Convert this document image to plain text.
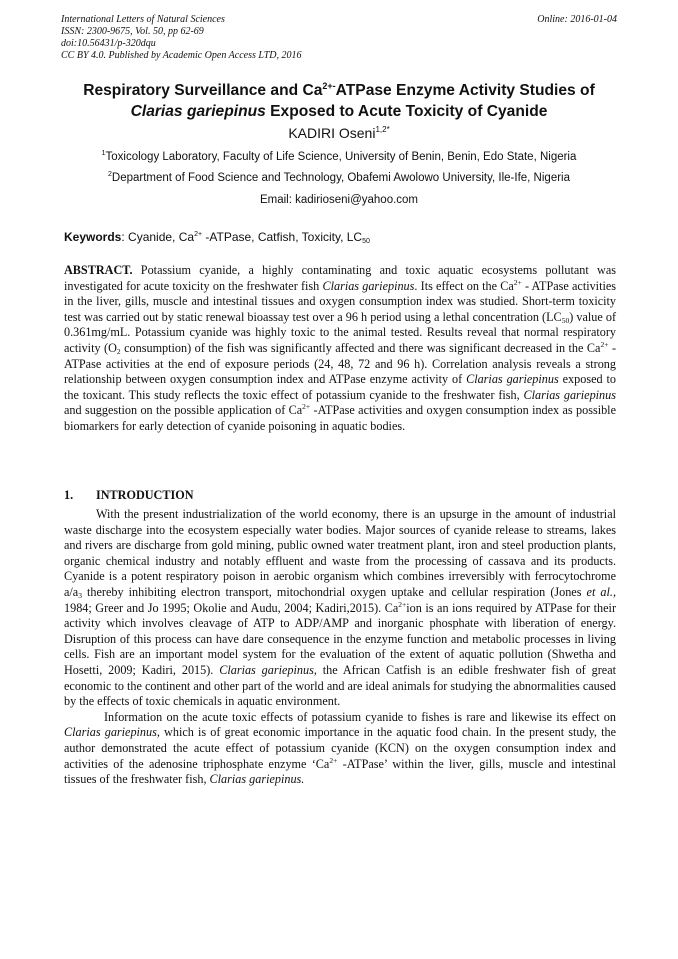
International Letters of Natural Sciences
ISSN: 2300-9675, Vol. 50, pp 62-69
doi:10.56431/p-320dqu
CC BY 4.0. Published by Academic Open Access LTD, 2016
Online: 2016-01-04
Respiratory Surveillance and $Ca^{2+-}ATPase$ Enzyme Activity Studies of
Clarias gariepinus Exposed to Acute Toxicity of Cyanide
KADIRI Oseni$^{1,2*}$
$^1$Toxicology Laboratory, Faculty of Life Science, University of Benin, Benin, Edo State, Nigeria
$^2$Department of Food Science and Technology, Obafemi Awolowo University, Ile-Ife, Nigeria
Email: kadirioseni@yahoo.com
Keywords: Cyanide, $Ca^{2+}$ -ATPase, Catfish, Toxicity, $LC_{50}$

ABSTRACT. Potassium cyanide, a highly contaminating and toxic aquatic ecosystems pollutant was investigated for acute toxicity on the freshwater fish Clarias gariepinus. Its effect on the $Ca^{2+}$ - ATPase activities in the liver, gills, muscle and intestinal tissues and oxygen consumption index was studied. Short-term toxicity test was carried out by static renewal bioassay test over a 96 h period using a lethal concentration $(LC_{50})$ value of 0.361mg/mL. Potassium cyanide was highly toxic to the animal tested. Results reveal that normal respiratory activity ($O_2$ consumption) of the fish was significantly affected and there was significant decreased in the $Ca^{2+}$ - ATPase activities at the end of exposure periods (24, 48, 72 and 96 h). Correlation analysis reveals a strong relationship between oxygen consumption index and ATPase enzyme activity of Clarias gariepinus exposed to the toxicant. This study reflects the toxic effect of potassium cyanide to the freshwater fish, Clarias gariepinus and suggestion on the possible application of $Ca^{2+}$ -ATPase activities and oxygen consumption index as possible biomarkers for early detection of cyanide poisoning in aquatic bodies.

1. INTRODUCTION

With the present industrialization of the world economy, there is an upsurge in the amount of industrial waste discharge into the ecosystem especially water bodies. Major sources of cyanide release to streams, lakes and rivers are discharge from gold mining, public owned water treatment plant, iron and steel production plants, organic chemical industry and notably effluent and waste from the processing of cassava and its products. Cyanide is a potent respiratory poison in aerobic organism which combines irreversibly with ferrocytochrome $a/a_3$ thereby inhibiting electron transport, mitochondrial oxygen uptake and cellular respiration (Jones et al., 1984; Greer and Jo 1995; Okolie and Audu, 2004; Kadiri,2015). $Ca^{2+}ion$ is an ions required by ATPase for their activity which involves cleavage of ATP to ADP/AMP and inorganic phosphate with liberation of energy. Disruption of this process can have dare consequence in the enzyme function and metabolic processes in living cells. Fish are an important model system for the evaluation of the extent of aquatic pollution (Shwetha and Hosetti, 2009; Kadiri, 2015). Clarias gariepinus, the African Catfish is an edible freshwater fish of great economic to the continent and other part of the world and are ideal animals for studying the abnormalities caused by the effects of toxic chemicals in aquatic environment.

Information on the acute toxic effects of potassium cyanide to fishes is rare and likewise its effect on Clarias gariepinus, which is of great economic importance in the aquatic food chain. In the present study, the author demonstrated the acute effect of potassium cyanide (KCN) on the oxygen consumption index and activities of the adenosine triphosphate enzyme ‘$Ca^{2+}$ -ATPase’ within the liver, gills, muscle and intestinal tissues of the freshwater fish, Clarias gariepinus.
